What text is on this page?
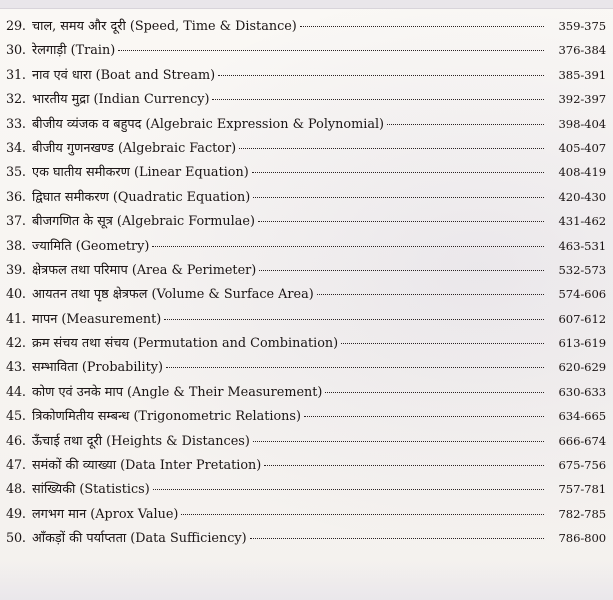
29. चाल, समय और दूरी (Speed, Time & Distance)	359-375
30. रेलगाड़ी (Train)	376-384
31. नाव एवं धारा (Boat and Stream)	385-391
32. भारतीय मुद्रा (Indian Currency)	392-397
33. बीजीय व्यंजक व बहुपद (Algebraic Expression & Polynomial)	398-404
34. बीजीय गुणनखण्ड (Algebraic Factor)	405-407
35. एक घातीय समीकरण (Linear Equation)	408-419
36. द्विघात समीकरण (Quadratic Equation)	420-430
37. बीजगणित के सूत्र (Algebraic Formulae)	431-462
38. ज्यामिति (Geometry)	463-531
39. क्षेत्रफल तथा परिमाप (Area & Perimeter)	532-573
40. आयतन तथा पृष्ठ क्षेत्रफल (Volume & Surface Area)	574-606
41. मापन (Measurement)	607-612
42. क्रम संचय तथा संचय (Permutation and Combination)	613-619
43. सम्भाविता (Probability)	620-629
44. कोण एवं उनके माप (Angle & Their Measurement)	630-633
45. त्रिकोणमितीय सम्बन्ध (Trigonometric Relations)	634-665
46. ऊँचाई तथा दूरी (Heights & Distances)	666-674
47. समंकों की व्याख्या (Data Inter Pretation)	675-756
48. सांख्यिकी (Statistics)	757-781
49. लगभग मान (Aprox Value)	782-785
50. आँकड़ों की पर्याप्तता (Data Sufficiency)	786-800
